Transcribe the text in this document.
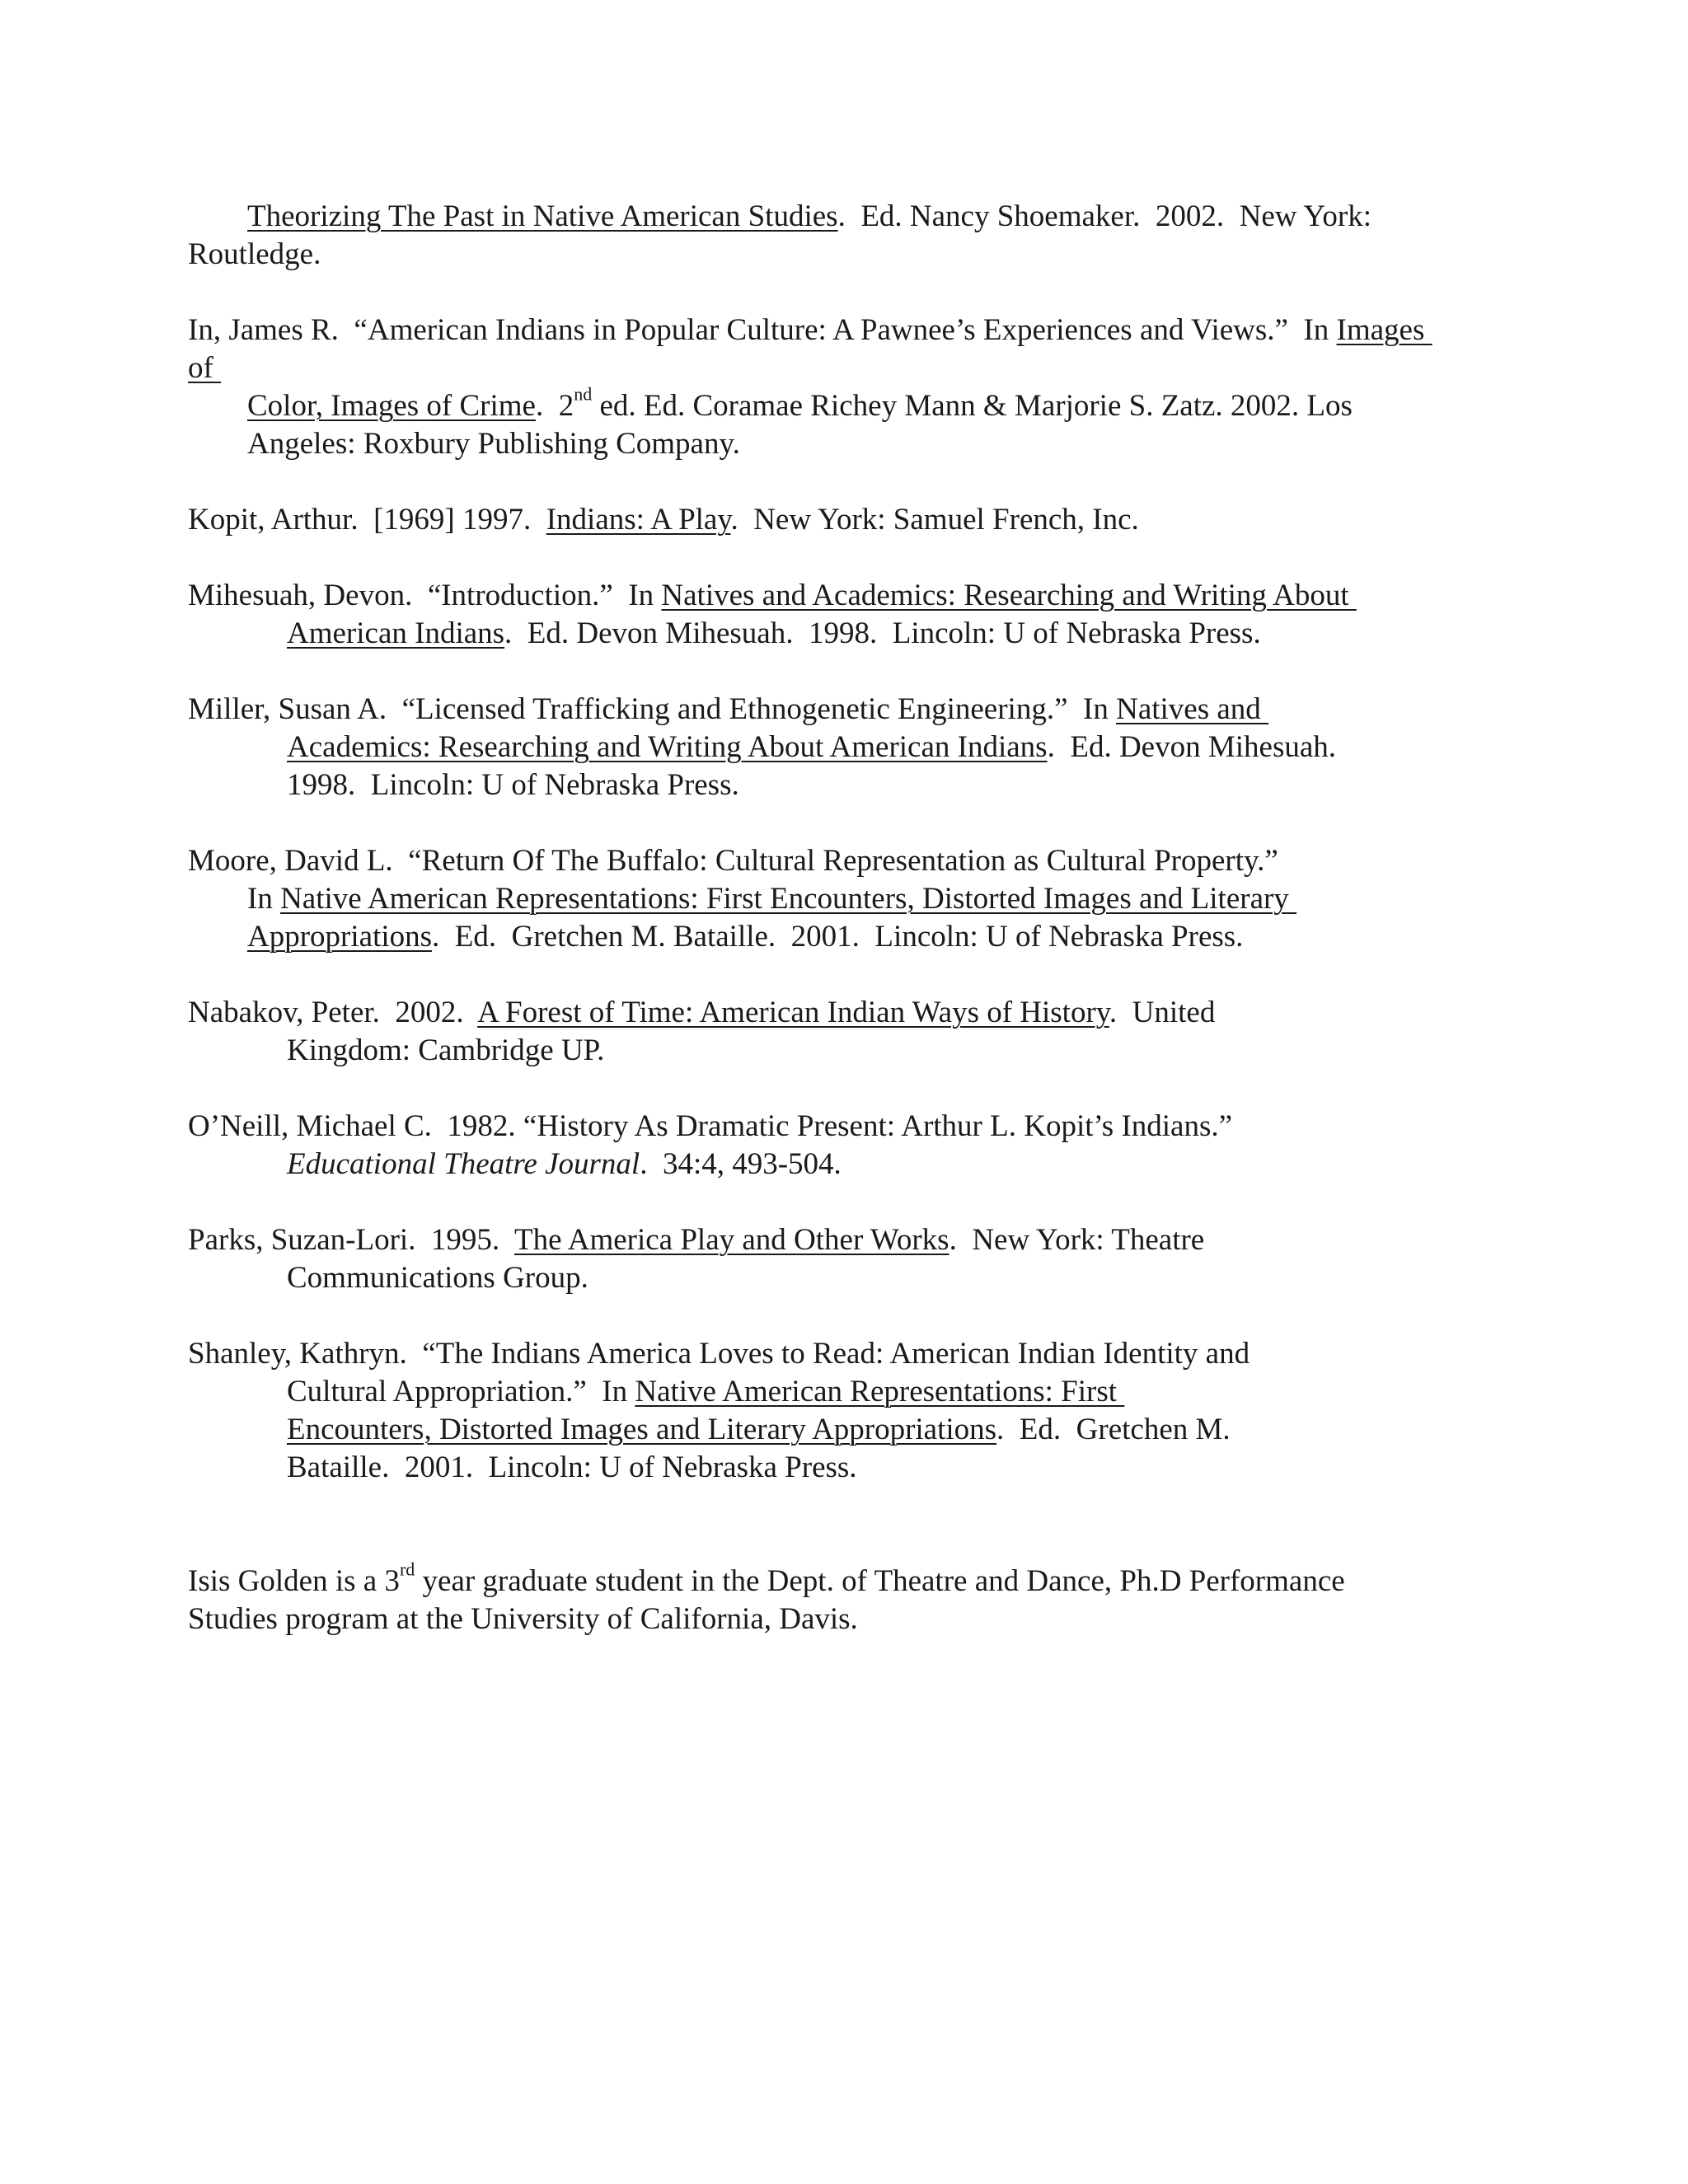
Theorizing The Past in Native American Studies.  Ed. Nancy Shoemaker.  2002.  New York:
Routledge.
In, James R.  “American Indians in Popular Culture: A Pawnee’s Experiences and Views.”  In Images
of
Color, Images of Crime.  2nd ed. Ed. Coramae Richey Mann & Marjorie S. Zatz. 2002. Los
Angeles: Roxbury Publishing Company.
Kopit, Arthur.  [1969] 1997.  Indians: A Play.  New York: Samuel French, Inc.
Mihesuah, Devon.  “Introduction.”  In Natives and Academics: Researching and Writing About
American Indians.  Ed. Devon Mihesuah.  1998.  Lincoln: U of Nebraska Press.
Miller, Susan A.  “Licensed Trafficking and Ethnogenetic Engineering.”  In Natives and
Academics: Researching and Writing About American Indians.  Ed. Devon Mihesuah.
1998.  Lincoln: U of Nebraska Press.
Moore, David L.  “Return Of The Buffalo: Cultural Representation as Cultural Property.”
In Native American Representations: First Encounters, Distorted Images and Literary
Appropriations.  Ed.  Gretchen M. Bataille.  2001.  Lincoln: U of Nebraska Press.
Nabakov, Peter.  2002.  A Forest of Time: American Indian Ways of History.  United
Kingdom: Cambridge UP.
O’Neill, Michael C.  1982. “History As Dramatic Present: Arthur L. Kopit’s Indians.”
Educational Theatre Journal.  34:4, 493-504.
Parks, Suzan-Lori.  1995.  The America Play and Other Works.  New York: Theatre
Communications Group.
Shanley, Kathryn.  “The Indians America Loves to Read: American Indian Identity and
Cultural Appropriation.”  In Native American Representations: First
Encounters, Distorted Images and Literary Appropriations.  Ed.  Gretchen M.
Bataille.  2001.  Lincoln: U of Nebraska Press.
Isis Golden is a 3rd year graduate student in the Dept. of Theatre and Dance, Ph.D Performance
Studies program at the University of California, Davis.
